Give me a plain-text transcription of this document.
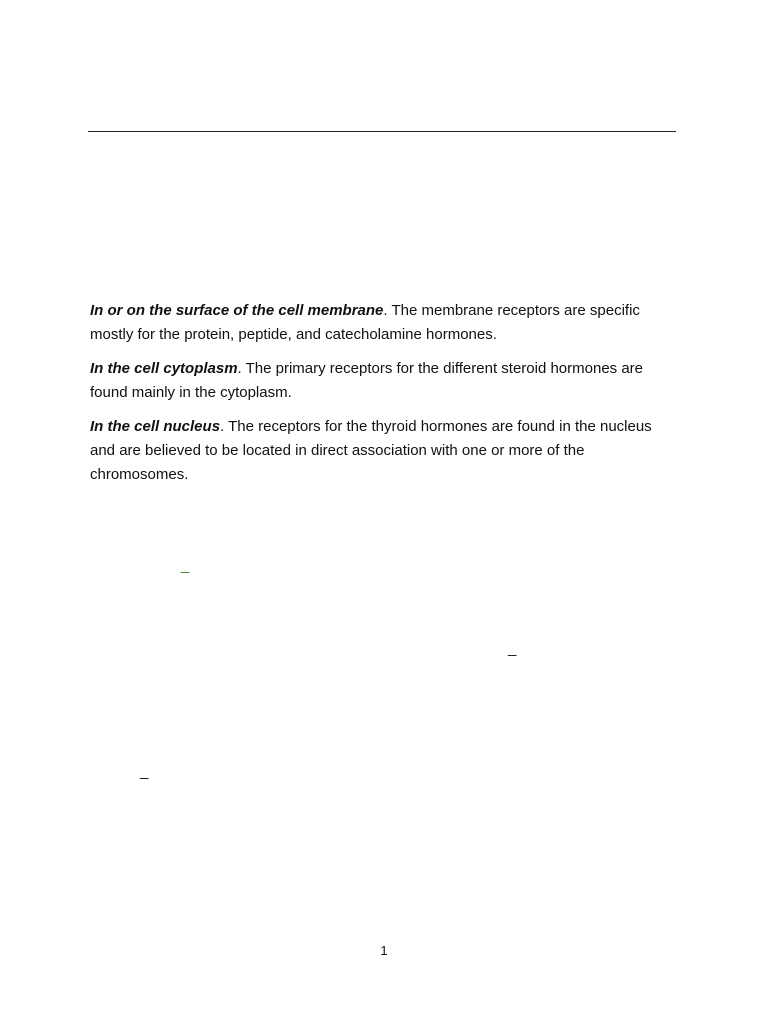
In or on the surface of the cell membrane. The membrane receptors are specific mostly for the protein, peptide, and catecholamine hormones.

In the cell cytoplasm. The primary receptors for the different steroid hormones are found mainly in the cytoplasm.

In the cell nucleus. The receptors for the thyroid hormones are found in the nucleus and are believed to be located in direct association with one or more of the chromosomes.

_
_
_
1
